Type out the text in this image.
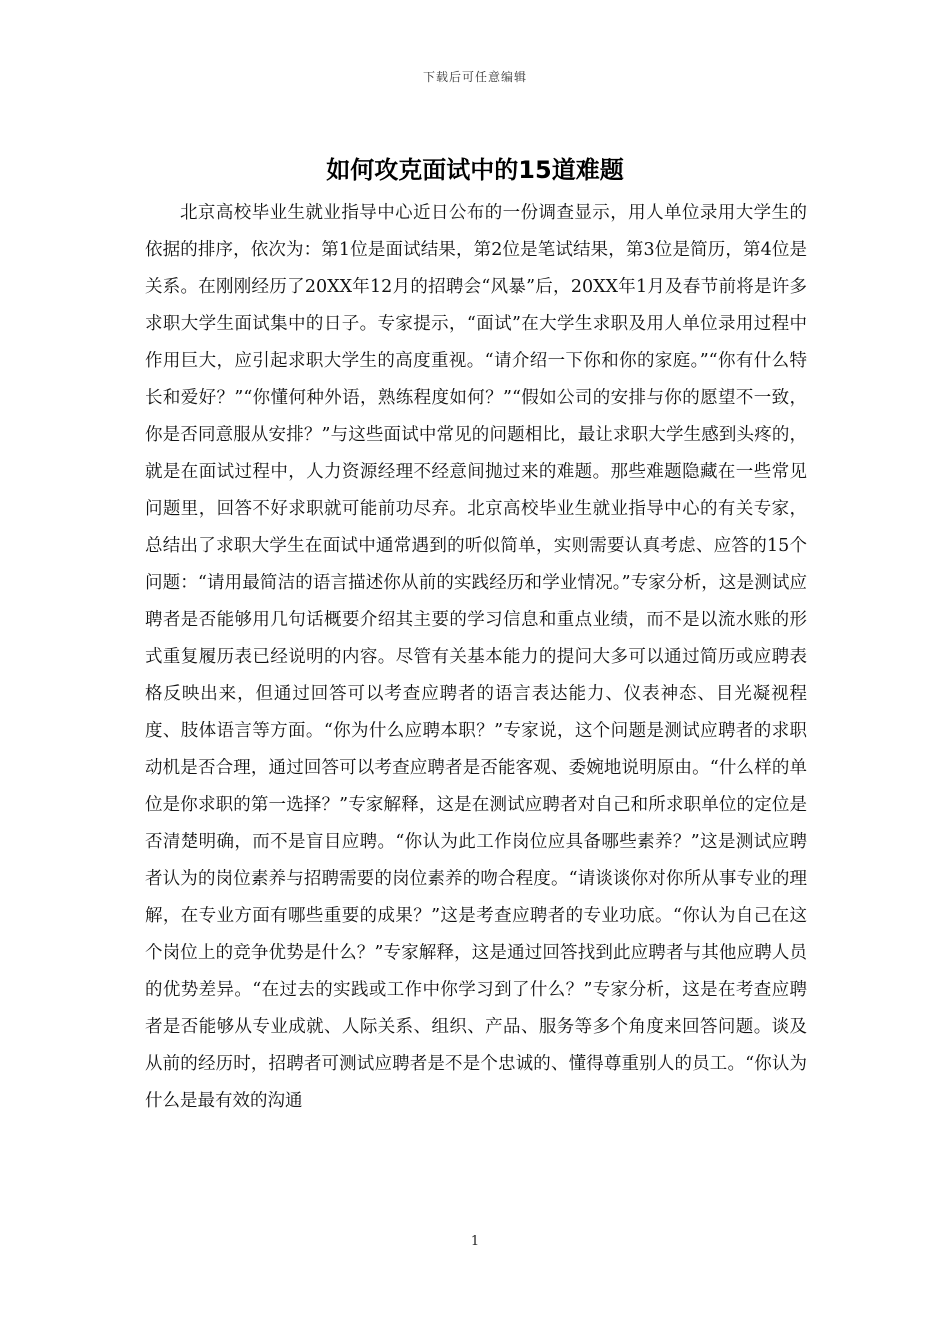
下载后可任意编辑
如何攻克面试中的15道难题

北京高校毕业生就业指导中心近日公布的一份调查显示，用人单位录用大学生的依据的排序，依次为：第1位是面试结果，第2位是笔试结果，第3位是简历，第4位是关系。在刚刚经历了20XX年12月的招聘会“风暴”后，20XX年1月及春节前将是许多求职大学生面试集中的日子。专家提示，“面试”在大学生求职及用人单位录用过程中作用巨大，应引起求职大学生的高度重视。“请介绍一下你和你的家庭。”“你有什么特长和爱好？”“你懂何种外语，熟练程度如何？”“假如公司的安排与你的愿望不一致，你是否同意服从安排？”与这些面试中常见的问题相比，最让求职大学生感到头疼的，就是在面试过程中，人力资源经理不经意间抛过来的难题。那些难题隐藏在一些常见问题里，回答不好求职就可能前功尽弃。北京高校毕业生就业指导中心的有关专家，总结出了求职大学生在面试中通常遇到的听似简单，实则需要认真考虑、应答的15个问题：“请用最简洁的语言描述你从前的实践经历和学业情况。”专家分析，这是测试应聘者是否能够用几句话概要介绍其主要的学习信息和重点业绩，而不是以流水账的形式重复履历表已经说明的内容。尽管有关基本能力的提问大多可以通过简历或应聘表格反映出来，但通过回答可以考查应聘者的语言表达能力、仪表神态、目光凝视程度、肢体语言等方面。“你为什么应聘本职？”专家说，这个问题是测试应聘者的求职动机是否合理，通过回答可以考查应聘者是否能客观、委婉地说明原由。“什么样的单位是你求职的第一选择？”专家解释，这是在测试应聘者对自己和所求职单位的定位是否清楚明确，而不是盲目应聘。“你认为此工作岗位应具备哪些素养？”这是测试应聘者认为的岗位素养与招聘需要的岗位素养的吻合程度。“请谈谈你对你所从事专业的理解，在专业方面有哪些重要的成果？”这是考查应聘者的专业功底。“你认为自己在这个岗位上的竞争优势是什么？”专家解释，这是通过回答找到此应聘者与其他应聘人员的优势差异。“在过去的实践或工作中你学习到了什么？”专家分析，这是在考查应聘者是否能够从专业成就、人际关系、组织、产品、服务等多个角度来回答问题。谈及从前的经历时，招聘者可测试应聘者是不是个忠诚的、懂得尊重别人的员工。“你认为什么是最有效的沟通

1
